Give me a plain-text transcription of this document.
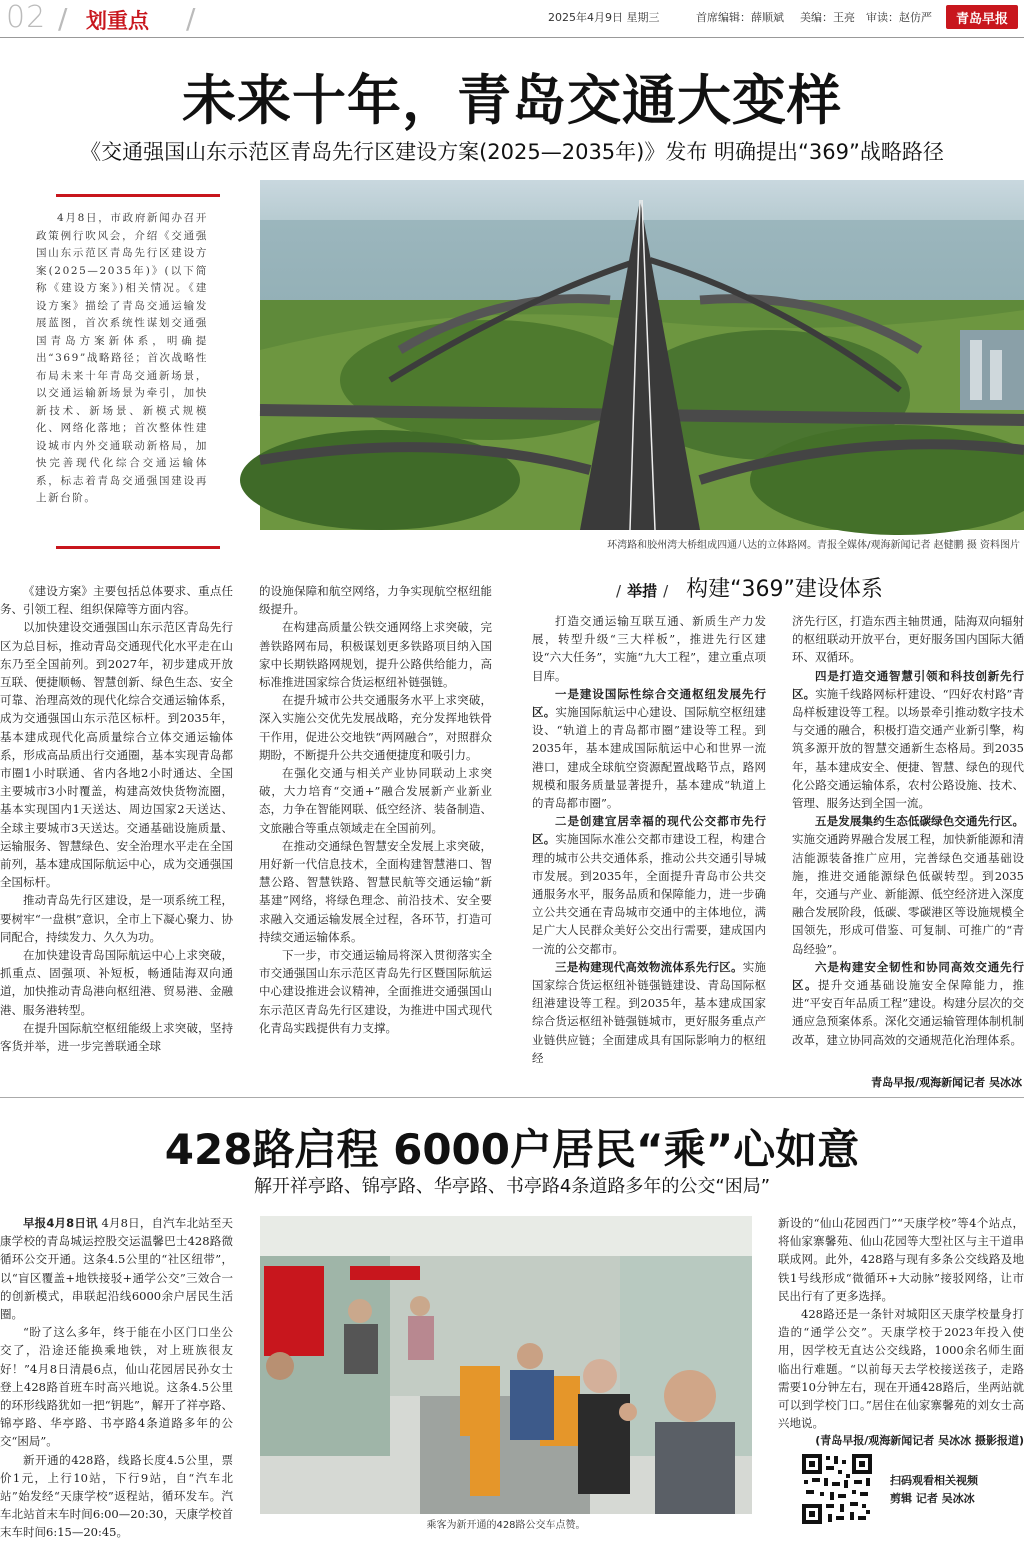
02 / 划重点 /	2025年4月9日 星期三	首席编辑：薛顺斌 美编：王亮 审读：赵仿严	青岛早报
未来十年，青岛交通大变样
《交通强国山东示范区青岛先行区建设方案(2025—2035年)》发布 明确提出“369”战略路径

4月8日，市政府新闻办召开政策例行吹风会，介绍《交通强国山东示范区青岛先行区建设方案(2025—2035年)》(以下简称《建设方案》)相关情况。《建设方案》描绘了青岛交通运输发展蓝图，首次系统性谋划交通强国青岛方案新体系，明确提出“369”战略路径；首次战略性布局未来十年青岛交通新场景，以交通运输新场景为牵引，加快新技术、新场景、新模式规模化、网络化落地；首次整体性建设城市内外交通联动新格局，加快完善现代化综合交通运输体系，标志着青岛交通强国建设再上新台阶。

环湾路和胶州湾大桥组成四通八达的立体路网。青报全媒体/观海新闻记者 赵健鹏 摄 资料图片

《建设方案》主要包括总体要求、重点任务、引领工程、组织保障等方面内容。

以加快建设交通强国山东示范区青岛先行区为总目标，推动青岛交通现代化水平走在山东乃至全国前列。到2027年，初步建成开放互联、便捷顺畅、智慧创新、绿色生态、安全可靠、治理高效的现代化综合交通运输体系，成为交通强国山东示范区标杆。到2035年，基本建成现代化高质量综合立体交通运输体系，形成高品质出行交通圈，基本实现青岛都市圈1小时联通、省内各地2小时通达、全国主要城市3小时覆盖，构建高效快货物流圈，基本实现国内1天送达、周边国家2天送达、全球主要城市3天送达。交通基础设施质量、运输服务、智慧绿色、安全治理水平走在全国前列，基本建成国际航运中心，成为交通强国全国标杆。

推动青岛先行区建设，是一项系统工程，要树牢“一盘棋”意识，全市上下凝心聚力、协同配合，持续发力、久久为功。

在加快建设青岛国际航运中心上求突破，抓重点、固强项、补短板，畅通陆海双向通道，加快推动青岛港向枢纽港、贸易港、金融港、服务港转型。

在提升国际航空枢纽能级上求突破，坚持客货并举，进一步完善联通全球

的设施保障和航空网络，力争实现航空枢纽能级提升。

在构建高质量公铁交通网络上求突破，完善铁路网布局，积极谋划更多铁路项目纳入国家中长期铁路网规划，提升公路供给能力，高标准推进国家综合货运枢纽补链强链。

在提升城市公共交通服务水平上求突破，深入实施公交优先发展战略，充分发挥地铁骨干作用，促进公交地铁“两网融合”，对照群众期盼，不断提升公共交通便捷度和吸引力。

在强化交通与相关产业协同联动上求突破，大力培育“交通+”融合发展新产业新业态，力争在智能网联、低空经济、装备制造、文旅融合等重点领域走在全国前列。

在推动交通绿色智慧安全发展上求突破，用好新一代信息技术，全面构建智慧港口、智慧公路、智慧铁路、智慧民航等交通运输“新基建”网络，将绿色理念、前沿技术、安全要求融入交通运输发展全过程，各环节，打造可持续交通运输体系。

下一步，市交通运输局将深入贯彻落实全市交通强国山东示范区青岛先行区暨国际航运中心建设推进会议精神，全面推进交通强国山东示范区青岛先行区建设，为推进中国式现代化青岛实践提供有力支撑。

/ 举措 / 构建“369”建设体系

打造交通运输互联互通、新质生产力发展，转型升级“三大样板”，推进先行区建设“六大任务”，实施“九大工程”，建立重点项目库。

一是建设国际性综合交通枢纽发展先行区。实施国际航运中心建设、国际航空枢纽建设、“轨道上的青岛都市圈”建设等工程。到2035年，基本建成国际航运中心和世界一流港口，建成全球航空资源配置战略节点，路网规模和服务质量显著提升，基本建成“轨道上的青岛都市圈”。

二是创建宜居幸福的现代公交都市先行区。实施国际水准公交都市建设工程，构建合理的城市公共交通体系，推动公共交通引导城市发展。到2035年，全面提升青岛市公共交通服务水平，服务品质和保障能力，进一步确立公共交通在青岛城市交通中的主体地位，满足广大人民群众美好公交出行需要，建成国内一流的公交都市。

三是构建现代高效物流体系先行区。实施国家综合货运枢纽补链强链建设、青岛国际枢纽港建设等工程。到2035年，基本建成国家综合货运枢纽补链强链城市，更好服务重点产业链供应链；全面建成具有国际影响力的枢纽经

济先行区，打造东西主轴贯通，陆海双向辐射的枢纽联动开放平台，更好服务国内国际大循环、双循环。

四是打造交通智慧引领和科技创新先行区。实施千线路网标杆建设、“四好农村路”青岛样板建设等工程。以场景牵引推动数字技术与交通的融合，积极打造交通产业新引擎，构筑多源开放的智慧交通新生态格局。到2035年，基本建成安全、便捷、智慧、绿色的现代化公路交通运输体系，农村公路设施、技术、管理、服务达到全国一流。

五是发展集约生态低碳绿色交通先行区。实施交通跨界融合发展工程，加快新能源和清洁能源装备推广应用，完善绿色交通基础设施，推进交通能源绿色低碳转型。到2035年，交通与产业、新能源、低空经济进入深度融合发展阶段，低碳、零碳港区等设施规模全国领先，形成可借鉴、可复制、可推广的“青岛经验”。

六是构建安全韧性和协同高效交通先行区。提升交通基础设施安全保障能力，推进“平安百年品质工程”建设。构建分层次的交通应急预案体系。深化交通运输管理体制机制改革，建立协同高效的交通规范化治理体系。

青岛早报/观海新闻记者 吴冰冰
428路启程 6000户居民“乘”心如意
解开祥亭路、锦亭路、华亭路、书亭路4条道路多年的公交“困局”

早报4月8日讯 4月8日，自汽车北站至天康学校的青岛城运控股交运温馨巴士428路微循环公交开通。这条4.5公里的“社区纽带”，以“盲区覆盖+地铁接驳+通学公交”三效合一的创新模式，串联起沿线6000余户居民生活圈。

“盼了这么多年，终于能在小区门口坐公交了，沿途还能换乘地铁，对上班族很友好！”4月8日清晨6点，仙山花园居民孙女士登上428路首班车时高兴地说。这条4.5公里的环形线路犹如一把“钥匙”，解开了祥亭路、锦亭路、华亭路、书亭路4条道路多年的公交“困局”。

新开通的428路，线路长度4.5公里，票价1元，上行10站，下行9站，自“汽车北站”始发经“天康学校”返程站，循环发车。汽车北站首末车时间6:00—20:30，天康学校首末车时间6:15—20:45。	乘客为新开通的428路公交车点赞。

新设的“仙山花园西门”“天康学校”等4个站点，将仙家寨馨苑、仙山花园等大型社区与主干道串联成网。此外，428路与现有多条公交线路及地铁1号线形成“微循环+大动脉”接驳网络，让市民出行有了更多选择。

428路还是一条针对城阳区天康学校量身打造的“通学公交”。天康学校于2023年投入使用，因学校无直达公交线路，1000余名师生面临出行难题。“以前每天去学校接送孩子，走路需要10分钟左右，现在开通428路后，坐两站就可以到学校门口。”居住在仙家寨馨苑的刘女士高兴地说。

(青岛早报/观海新闻记者 吴冰冰 摄影报道)

扫码观看相关视频
剪辑 记者 吴冰冰
